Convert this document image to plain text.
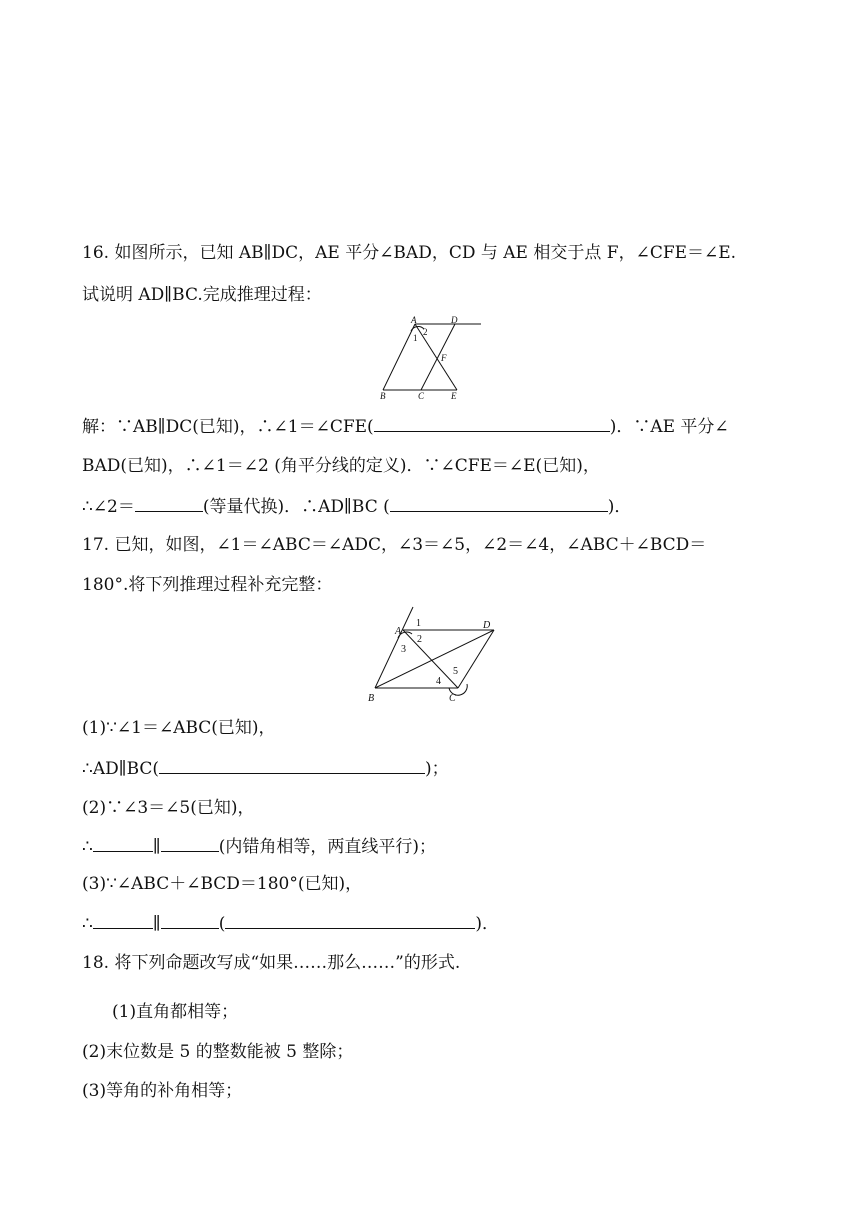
16. 如图所示，已知 AB∥DC，AE 平分∠BAD，CD 与 AE 相交于点 F，∠CFE＝∠E.
试说明 AD∥BC.完成推理过程：
A	D
B	C	E
F
1
2
解：∵AB∥DC(已知)，∴∠1＝∠CFE(	)．∵AE 平分∠
BAD(已知)，∴∠1＝∠2 (角平分线的定义)．∵∠CFE＝∠E(已知)，
∴∠2＝	(等量代换)．∴AD∥BC (	)．
17. 已知，如图，∠1＝∠ABC＝∠ADC，∠3＝∠5，∠2＝∠4，∠ABC＋∠BCD＝
180°.将下列推理过程补充完整：
A
D
B	C
1
2
3
4
5
(1)∵∠1＝∠ABC(已知)，
∴AD∥BC(	)；
(2)∵∠3＝∠5(已知)，
∴	∥	(内错角相等，两直线平行)；
(3)∵∠ABC＋∠BCD＝180°(已知)，
∴	∥	(	)．
18. 将下列命题改写成“如果……那么……”的形式.
(1)直角都相等；
(2)末位数是 5 的整数能被 5 整除；
(3)等角的补角相等；
